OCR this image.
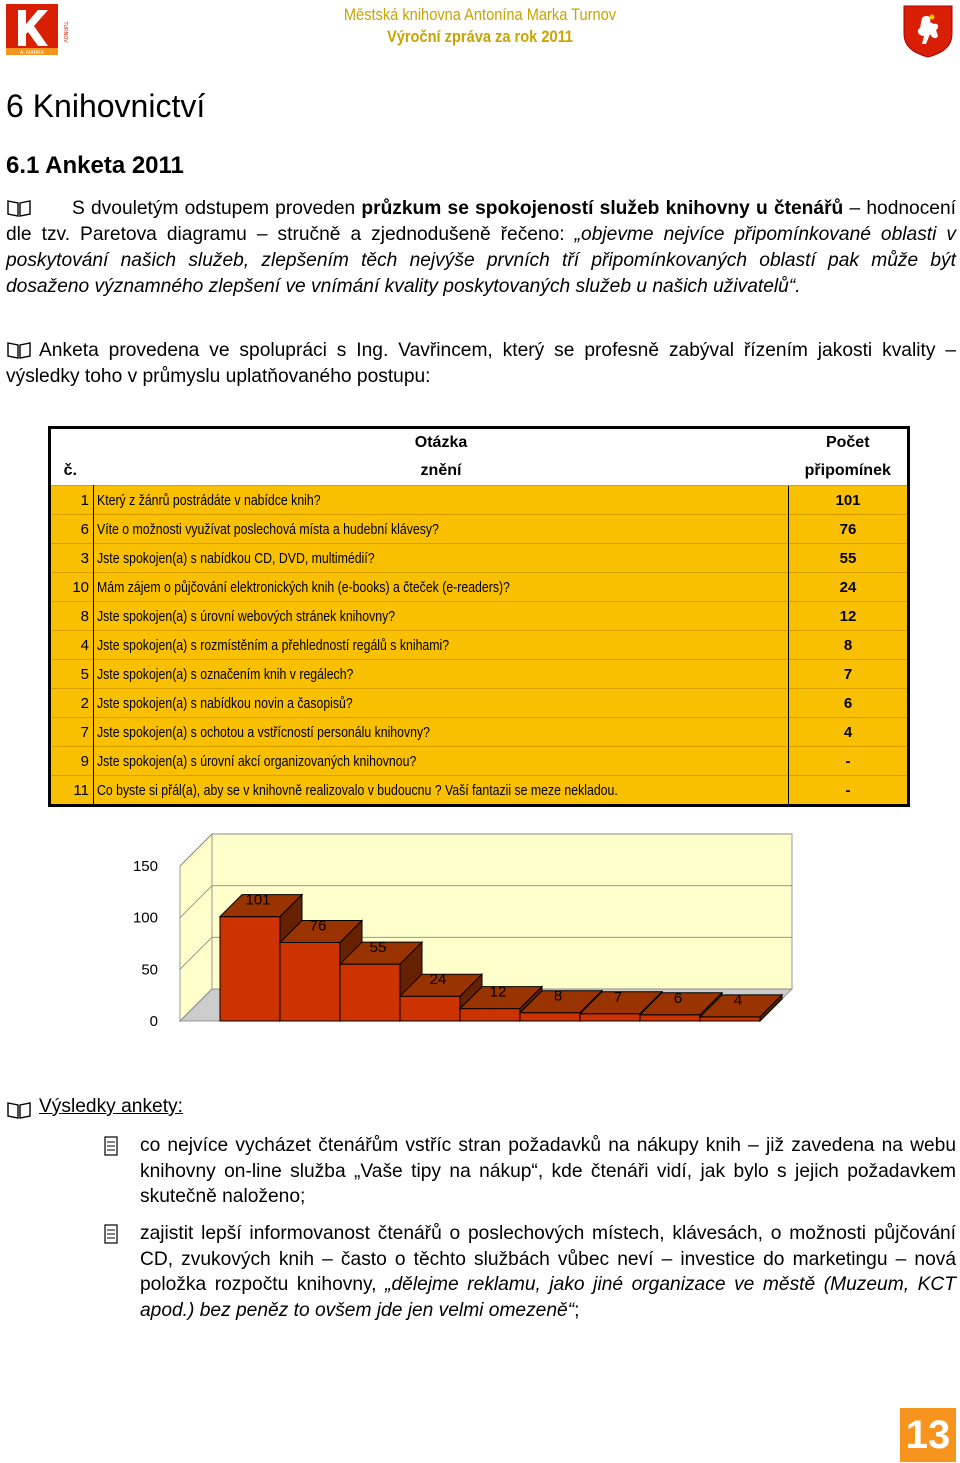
A. MARKA
TURNOV
Městská knihovna Antonína Marka Turnov
Výroční zpráva za rok 2011
6 Knihovnictví
6.1 Anketa 2011
S dvouletým odstupem proveden průzkum se spokojeností služeb knihovny u čtenářů – hodnocení dle tzv. Paretova diagramu – stručně a zjednodušeně řečeno: „objevme nejvíce připomínkované oblasti v poskytování našich služeb, zlepšením těch nejvýše prvních tří připomínkovaných oblastí pak může být dosaženo významného zlepšení ve vnímání kvality poskytovaných služeb u našich uživatelů“.
Anketa provedena ve spolupráci s Ing. Vavřincem, který se profesně zabýval řízením jakosti kvality – výsledky toho v průmyslu uplatňovaného postupu:
	Otázka	Počet
č.	znění	připomínek
1	Který z žánrů postrádáte v nabídce knih?	101
6	Víte o možnosti využívat poslechová místa a hudební klávesy?	76
3	Jste spokojen(a) s nabídkou CD, DVD, multimédií?	55
10	Mám zájem o půjčování elektronických knih (e-books) a čteček (e-readers)?	24
8	Jste spokojen(a) s úrovní webových stránek knihovny?	12
4	Jste spokojen(a) s rozmístěním a přehledností regálů s knihami?	8
5	Jste spokojen(a) s označením knih v regálech?	7
2	Jste spokojen(a) s nabídkou novin a časopisů?	6
7	Jste spokojen(a) s ochotou a vstřícností personálu knihovny?	4
9	Jste spokojen(a) s úrovní akcí organizovaných knihovnou?	-
11	Co byste si přál(a), aby se v knihovně realizovalo v budoucnu ? Vaší fantazii se meze nekladou.	-
0
50
100
150
101
76
55
24
12	8	7	6	4
Výsledky ankety:
co nejvíce vycházet čtenářům vstříc stran požadavků na nákupy knih – již zavedena na webu knihovny on-line služba „Vaše tipy na nákup“, kde čtenáři vidí, jak bylo s jejich požadavkem skutečně naloženo;
zajistit lepší informovanost čtenářů o poslechových místech, klávesách, o možnosti půjčování CD, zvukových knih – často o těchto službách vůbec neví – investice do marketingu – nová položka rozpočtu knihovny, „dělejme reklamu, jako jiné organizace ve městě (Muzeum, KCT apod.) bez peněz to ovšem jde jen velmi omezeně“;
13
